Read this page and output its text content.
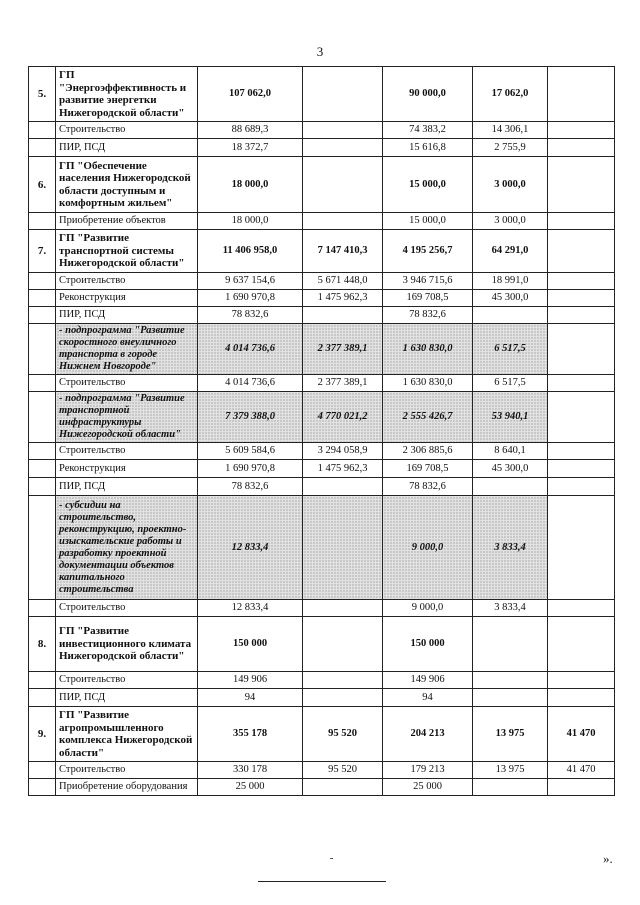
3
5.	ГП "Энергоэффективность и развитие энергетки Нижегородской области"	107 062,0		90 000,0	17 062,0	
	Строительство	88 689,3		74 383,2	14 306,1	
	ПИР, ПСД	18 372,7		15 616,8	2 755,9	
6.	ГП "Обеспечение населения Нижегородской области доступным и комфортным жильем"	18 000,0		15 000,0	3 000,0	
	Приобретение объектов	18 000,0		15 000,0	3 000,0	
7.	ГП "Развитие транспортной системы Нижегородской области"	11 406 958,0	7 147 410,3	4 195 256,7	64 291,0	
	Строительство	9 637 154,6	5 671 448,0	3 946 715,6	18 991,0	
	Реконструкция	1 690 970,8	1 475 962,3	169 708,5	45 300,0	
	ПИР, ПСД	78 832,6		78 832,6		
	- подпрограмма "Развитие скоростного внеуличного транспорта в городе Нижнем Новгороде"	4 014 736,6	2 377 389,1	1 630 830,0	6 517,5	
	Строительство	4 014 736,6	2 377 389,1	1 630 830,0	6 517,5	
	- подпрограмма "Развитие транспортной инфраструктуры Нижегородской области"	7 379 388,0	4 770 021,2	2 555 426,7	53 940,1	
	Строительство	5 609 584,6	3 294 058,9	2 306 885,6	8 640,1	
	Реконструкция	1 690 970,8	1 475 962,3	169 708,5	45 300,0	
	ПИР, ПСД	78 832,6		78 832,6		
	- субсидии на строительство, реконструкцию, проектно-изыскательские работы и разработку проектной документации объектов капитального строительства	12 833,4		9 000,0	3 833,4	
	Строительство	12 833,4		9 000,0	3 833,4	
8.	ГП "Развитие инвестиционного климата Нижегородской области"	150 000		150 000		
	Строительство	149 906		149 906		
	ПИР, ПСД	94		94		
9.	ГП "Развитие агропромышленного комплекса Нижегородской области"	355 178	95 520	204 213	13 975	41 470
	Строительство	330 178	95 520	179 213	13 975	41 470
	Приобретение оборудования	25 000		25 000		
».
